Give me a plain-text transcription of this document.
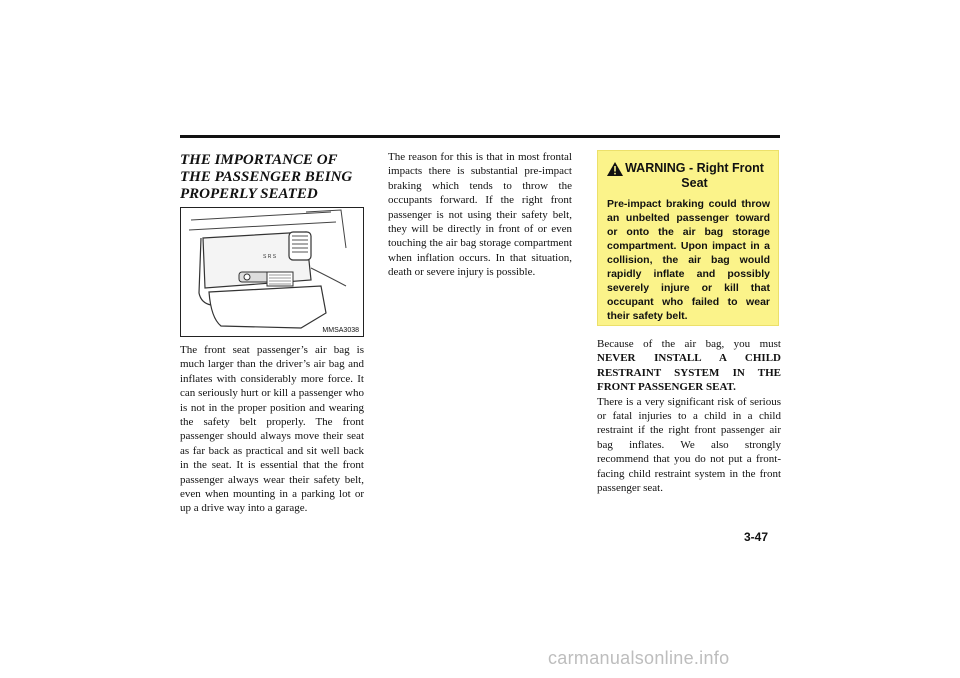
THE IMPORTANCE OF THE PASSENGER BEING PROPERLY SEATED
S R S
MMSA3038
The front seat passenger’s air bag is much larger than the driver’s air bag and inflates with considerably more force. It can seriously hurt or kill a passenger who is not in the proper position and wearing the safety belt properly. The front passenger should always move their seat as far back as practical and sit well back in the seat. It is essential that the front passenger always wear their safety belt, even when mounting in a parking lot or up a drive way into a garage.
The reason for this is that in most frontal impacts there is substantial pre-impact braking which tends to throw the occupants forward. If the right front passenger is not using their safety belt, they will be directly in front of or even touching the air bag storage compartment when inflation occurs. In that situation, death or severe injury is possible.
WARNING - Right Front Seat
Pre-impact braking could throw an unbelted passenger toward or onto the air bag storage compartment. Upon impact in a collision, the air bag would rapidly inflate and possibly severely injure or kill that occupant who failed to wear their safety belt.
Because of the air bag, you must NEVER INSTALL A CHILD RESTRAINT SYSTEM IN THE FRONT PASSENGER SEAT.
There is a very significant risk of serious or fatal injuries to a child in a child restraint if the right front passenger air bag inflates. We also strongly recommend that you do not put a front-facing child restraint system in the front passenger seat.
3-47
carmanualsonline.info
